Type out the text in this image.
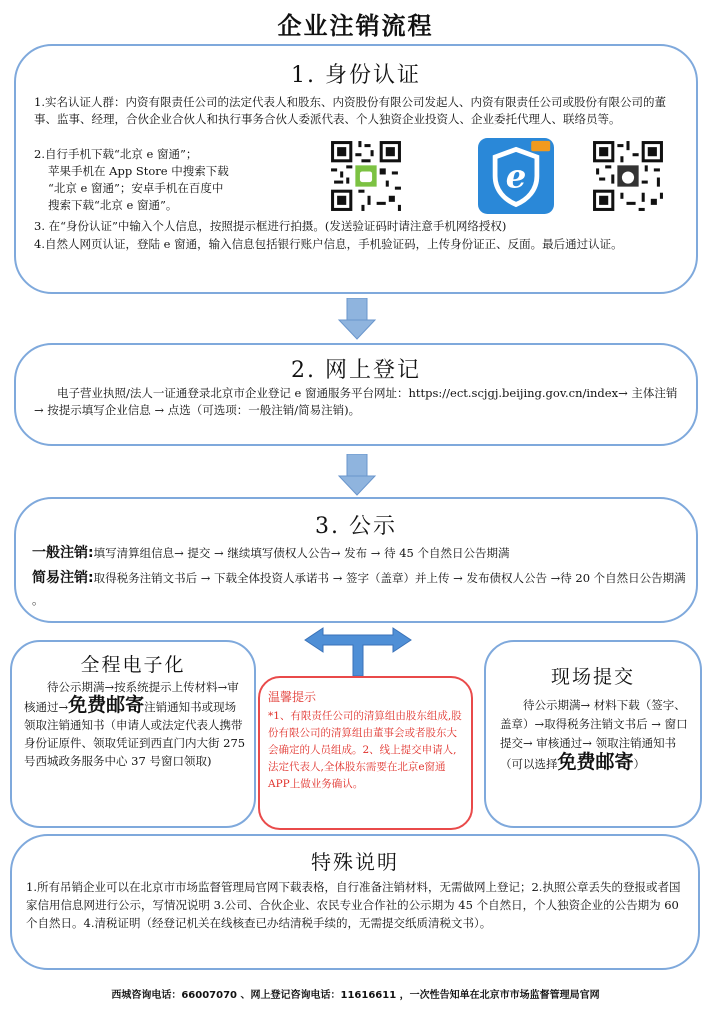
企业注销流程
1. 身份认证
1.实名认证人群：内资有限责任公司的法定代表人和股东、内资股份有限公司发起人、内资有限责任公司或股份有限公司的董事、监事、经理，合伙企业合伙人和执行事务合伙人委派代表、个人独资企业投资人、企业委托代理人、联络员等。
2.自行手机下载“北京 e 窗通”；
苹果手机在 App Store 中搜索下载
“北京 e 窗通”；安卓手机在百度中
搜索下载“北京 e 窗通”。
e
3. 在“身份认证”中输入个人信息，按照提示框进行拍摄。(发送验证码时请注意手机网络授权)
4.自然人网页认证，登陆 e 窗通，输入信息包括银行账户信息，手机验证码，上传身份证正、反面。最后通过认证。
2. 网上登记
电子营业执照/法人一证通登录北京市企业登记 e 窗通服务平台网址：https://ect.scjgj.beijing.gov.cn/index→ 主体注销 → 按提示填写企业信息 → 点选（可选项：一般注销/简易注销)。
3. 公示
一般注销:填写清算组信息→ 提交 → 继续填写债权人公告→ 发布 → 待 45 个自然日公告期满
简易注销:取得税务注销文书后 → 下载全体投资人承诺书 → 签字（盖章）并上传 → 发布债权人公告 →待 20 个自然日公告期满 。
全程电子化
待公示期满→按系统提示上传材料→审核通过→免费邮寄注销通知书或现场领取注销通知书（申请人或法定代表人携带身份证原件、领取凭证到西直门内大街 275 号西城政务服务中心 37 号窗口领取)
温馨提示
*1、有限责任公司的清算组由股东组成,股份有限公司的清算组由董事会或者股东大会确定的人员组成。2、线上提交申请人,法定代表人,全体股东需要在北京e窗通APP上做业务确认。
现场提交
待公示期满→ 材料下载（签字、盖章）→取得税务注销文书后 → 窗口提交→ 审核通过→ 领取注销通知书（可以选择免费邮寄）
特殊说明
1.所有吊销企业可以在北京市市场监督管理局官网下载表格，自行准备注销材料，无需做网上登记；2.执照公章丢失的登报或者国家信用信息网进行公示，写情况说明 3.公司、合伙企业、农民专业合作社的公示期为 45 个自然日，个人独资企业的公告期为 60 个自然日。4.清税证明（经登记机关在线核查已办结清税手续的，无需提交纸质清税文书）。
西城咨询电话：66007070 、网上登记咨询电话：11616611 ，一次性告知单在北京市市场监督管理局官网
